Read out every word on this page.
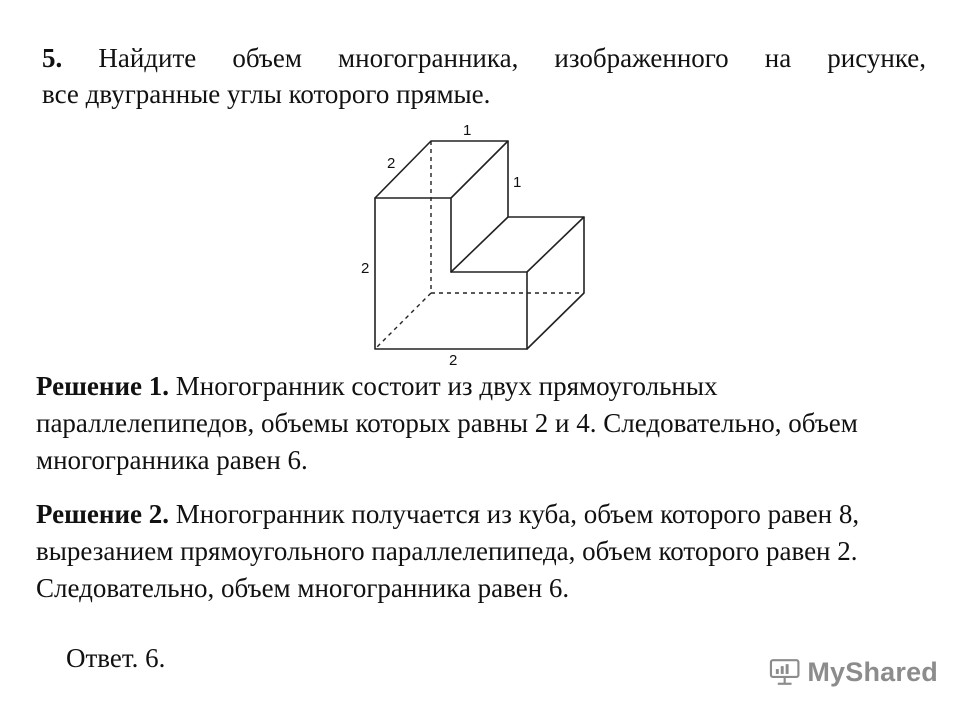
5. Найдите объем многогранника, изображенного на рисунке,
все двугранные углы которого прямые.
1
2
1
2
2
Решение 1. Многогранник состоит из двух прямоугольных параллелепипедов, объемы которых равны 2 и 4. Следовательно, объем многогранника равен 6.
Решение 2. Многогранник получается из куба, объем которого равен 8, вырезанием прямоугольного параллелепипеда, объем которого равен 2. Следовательно, объем многогранника равен 6.
Ответ. 6.	MyShared
